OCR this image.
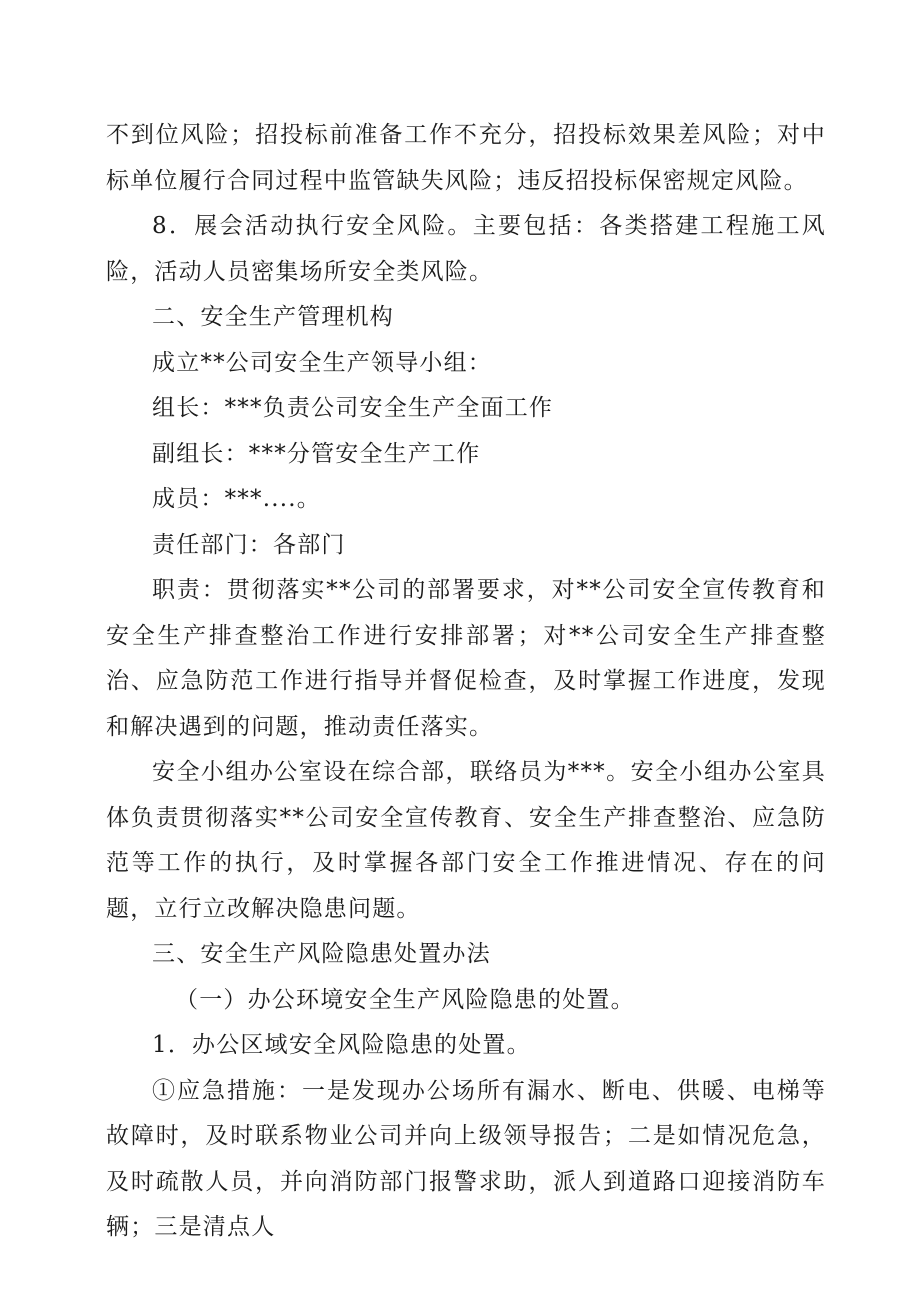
不到位风险；招投标前准备工作不充分，招投标效果差风险；对中标单位履行合同过程中监管缺失风险；违反招投标保密规定风险。

8．展会活动执行安全风险。主要包括：各类搭建工程施工风险，活动人员密集场所安全类风险。

二、安全生产管理机构

成立**公司安全生产领导小组：

组长：***负责公司安全生产全面工作

副组长：***分管安全生产工作

成员：***....。

责任部门：各部门

职责：贯彻落实**公司的部署要求，对**公司安全宣传教育和安全生产排查整治工作进行安排部署；对**公司安全生产排查整治、应急防范工作进行指导并督促检查，及时掌握工作进度，发现和解决遇到的问题，推动责任落实。

安全小组办公室设在综合部，联络员为***。安全小组办公室具体负责贯彻落实**公司安全宣传教育、安全生产排查整治、应急防范等工作的执行，及时掌握各部门安全工作推进情况、存在的问题，立行立改解决隐患问题。

三、安全生产风险隐患处置办法

（一）办公环境安全生产风险隐患的处置。

1．办公区域安全风险隐患的处置。

①应急措施：一是发现办公场所有漏水、断电、供暖、电梯等故障时，及时联系物业公司并向上级领导报告；二是如情况危急，及时疏散人员，并向消防部门报警求助，派人到道路口迎接消防车辆；三是清点人
